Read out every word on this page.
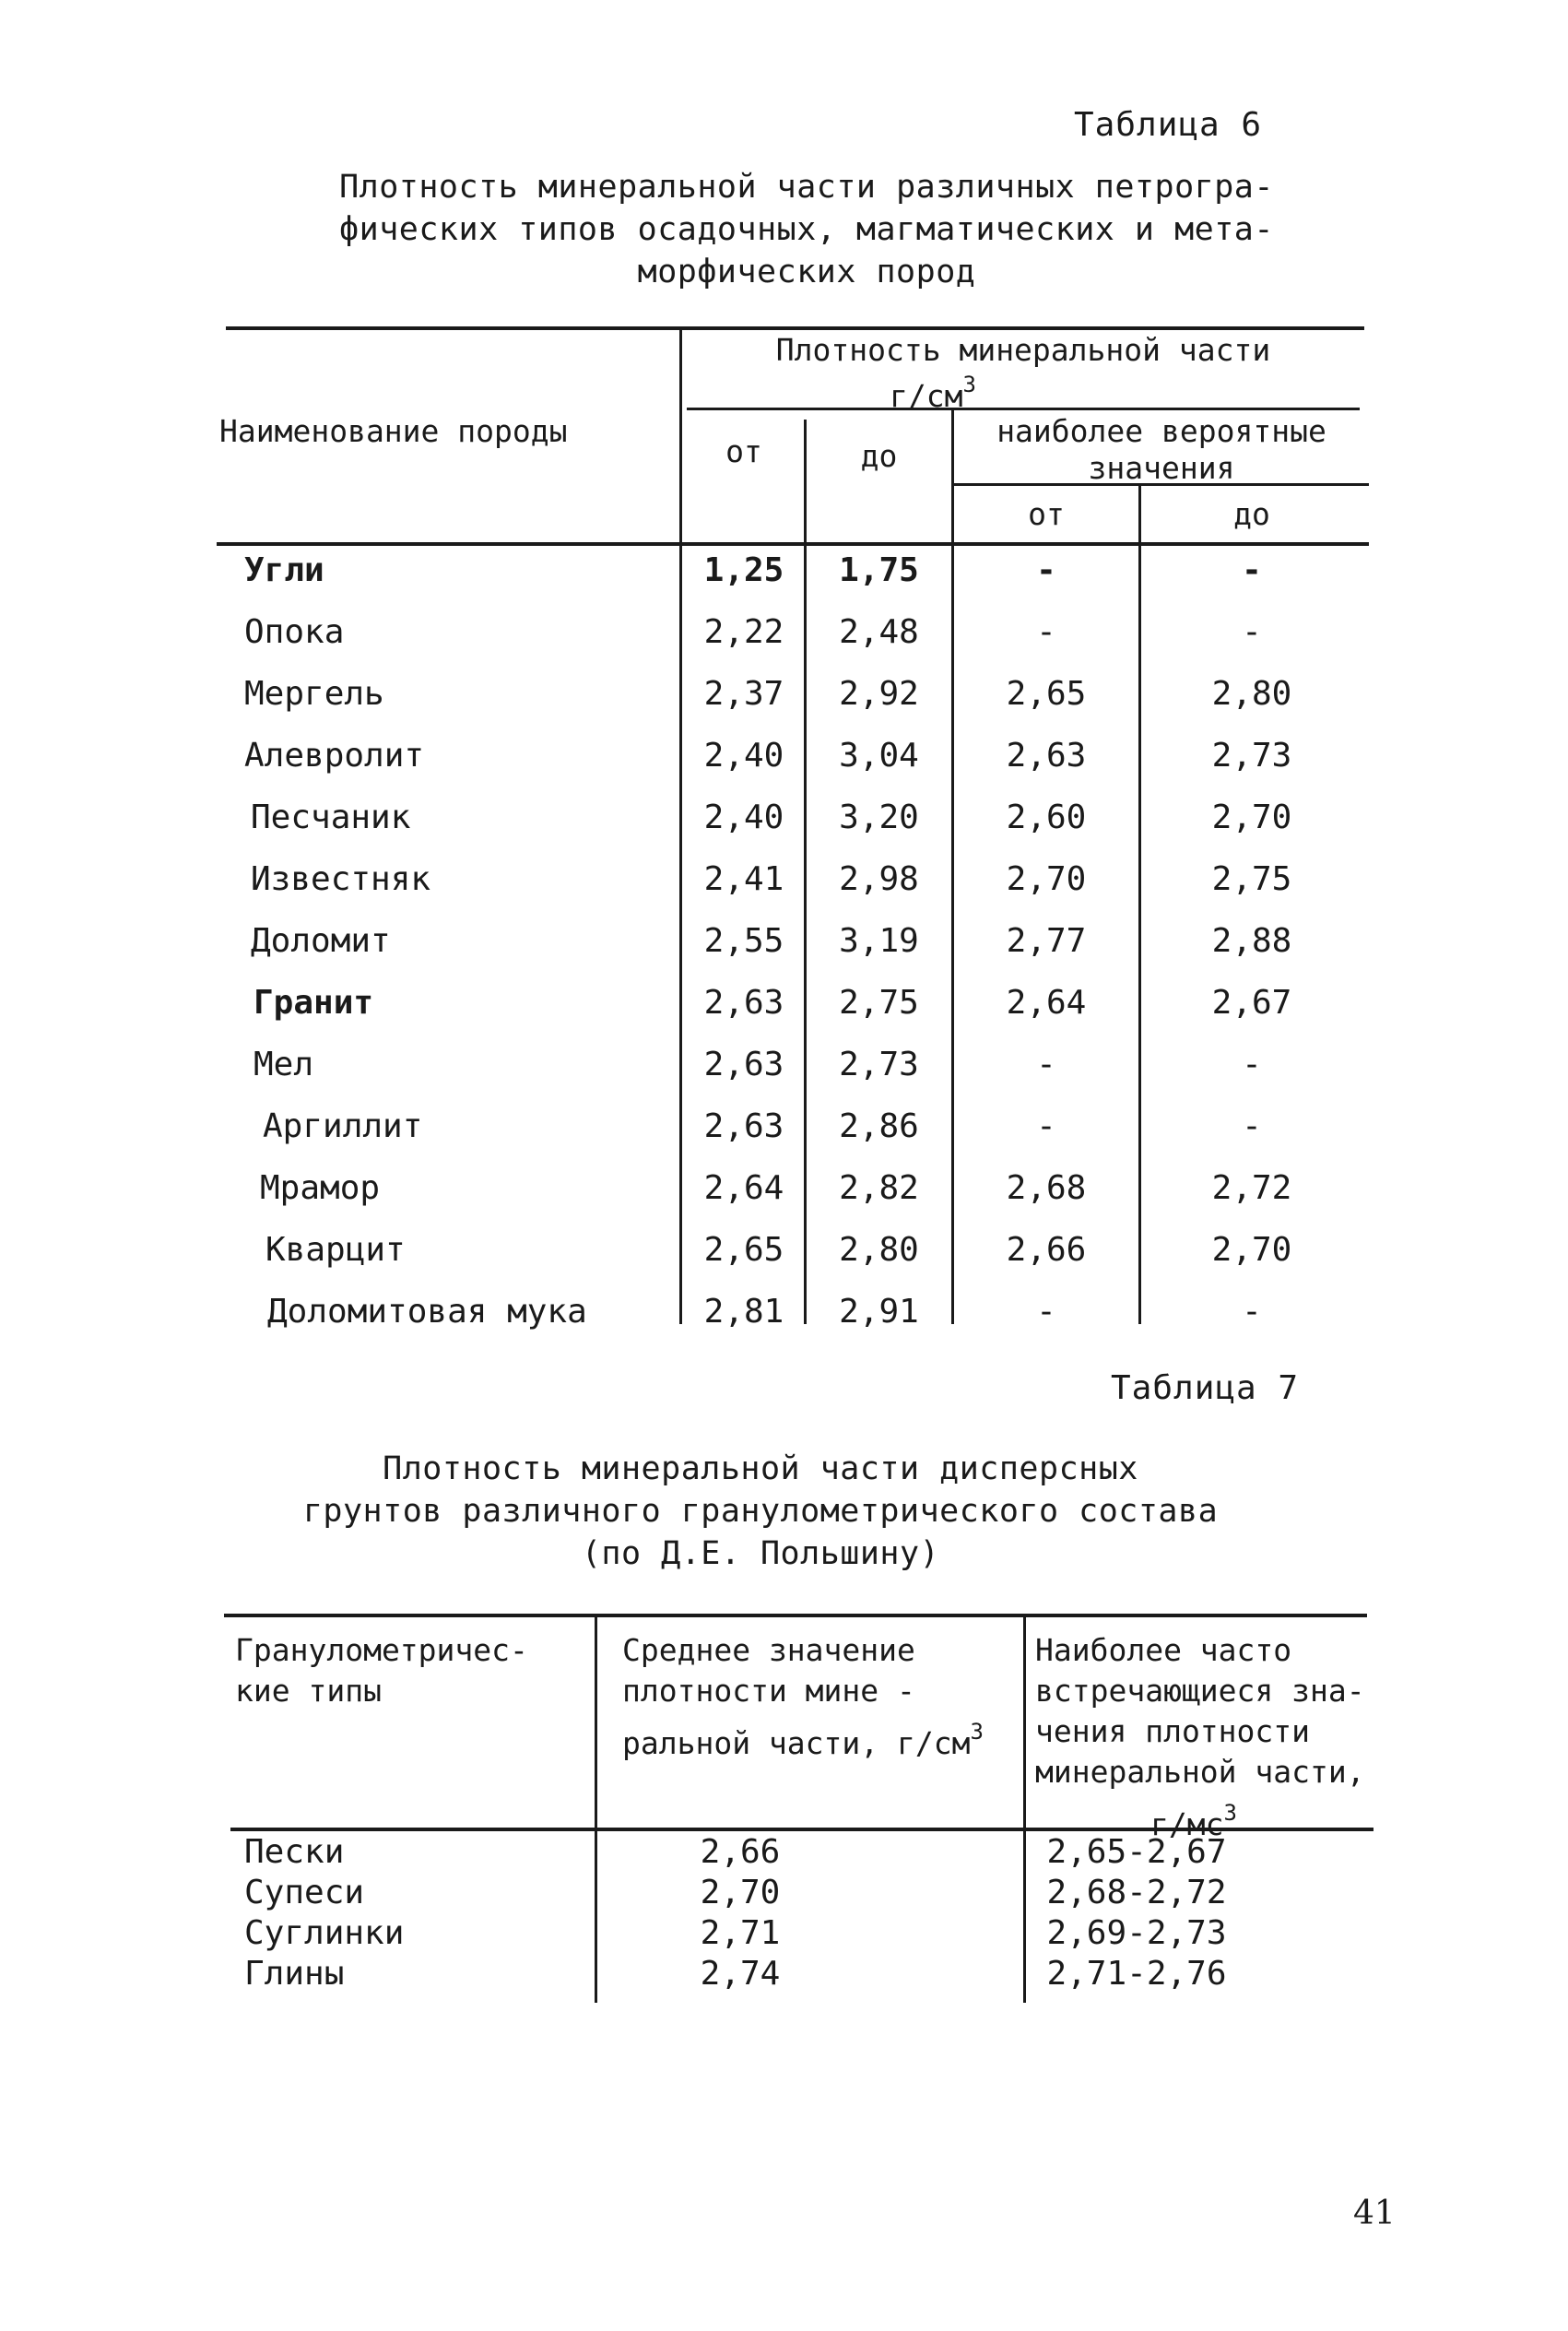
Таблица 6
Плотность минеральной части различных петрогра-
фических типов осадочных, магматических и мета-
морфических пород
Наименование породы
Плотность минеральной части
$г/см^3$
от	до
наиболее вероятные
значения
от	до
Угли	1,25	1,75	-	-
Опока	2,22	2,48	-	-
Мергель	2,37	2,92	2,65	2,80
Алевролит	2,40	3,04	2,63	2,73
Песчаник	2,40	3,20	2,60	2,70
Известняк	2,41	2,98	2,70	2,75
Доломит	2,55	3,19	2,77	2,88
Гранит	2,63	2,75	2,64	2,67
Мел	2,63	2,73	-	-
Аргиллит	2,63	2,86	-	-
Мрамор	2,64	2,82	2,68	2,72
Кварцит	2,65	2,80	2,66	2,70
Доломитовая мука	2,81	2,91	-	-
Таблица 7
Плотность минеральной части дисперсных
грунтов различного гранулометрического состава
(по Д.Е. Польшину)
Гранулометричес-
кие типы
Среднее значение
плотности мине -
ральной части, $г/см^3$
Наиболее часто
встречающиеся зна-
чения плотности
минеральной части,
$г/мс^3$
Пески	2,66	2,65-2,67
Супеси	2,70	2,68-2,72
Суглинки	2,71	2,69-2,73
Глины	2,74	2,71-2,76
41
